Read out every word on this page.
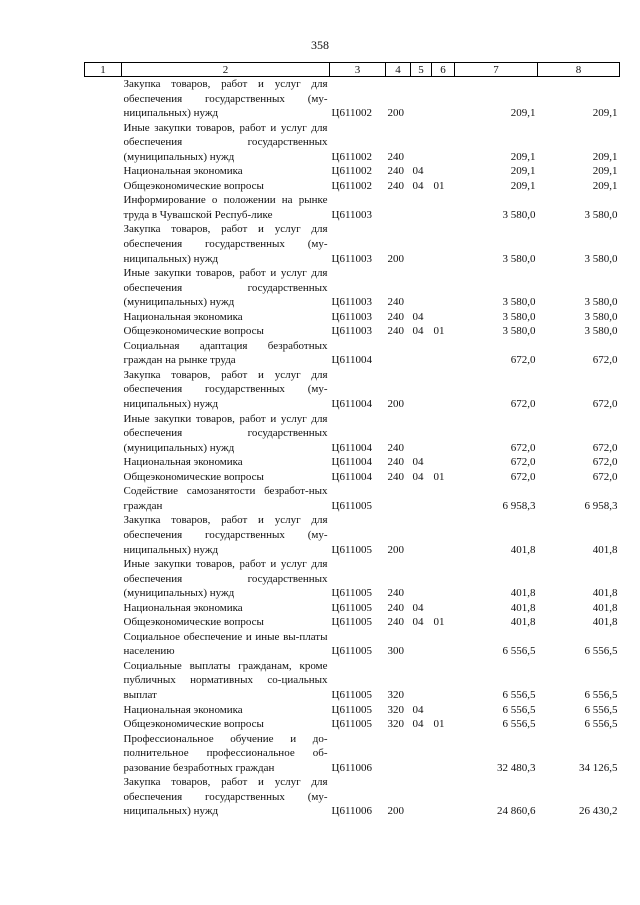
358
1	2	3	4	5	6	7	8
	Закупка товаров, работ и услуг для обеспечения государственных (му-ниципальных) нужд	Ц611002	200			209,1	209,1
	Иные закупки товаров, работ и услуг для обеспечения государственных (муниципальных) нужд	Ц611002	240			209,1	209,1
	Национальная экономика	Ц611002	240	04		209,1	209,1
	Общеэкономические вопросы	Ц611002	240	04	01	209,1	209,1
	Информирование о положении на рынке труда в Чувашской Респуб-лике	Ц611003				3 580,0	3 580,0
	Закупка товаров, работ и услуг для обеспечения государственных (му-ниципальных) нужд	Ц611003	200			3 580,0	3 580,0
	Иные закупки товаров, работ и услуг для обеспечения государственных (муниципальных) нужд	Ц611003	240			3 580,0	3 580,0
	Национальная экономика	Ц611003	240	04		3 580,0	3 580,0
	Общеэкономические вопросы	Ц611003	240	04	01	3 580,0	3 580,0
	Социальная адаптация безработных граждан на рынке труда	Ц611004				672,0	672,0
	Закупка товаров, работ и услуг для обеспечения государственных (му-ниципальных) нужд	Ц611004	200			672,0	672,0
	Иные закупки товаров, работ и услуг для обеспечения государственных (муниципальных) нужд	Ц611004	240			672,0	672,0
	Национальная экономика	Ц611004	240	04		672,0	672,0
	Общеэкономические вопросы	Ц611004	240	04	01	672,0	672,0
	Содействие самозанятости безработ-ных граждан	Ц611005				6 958,3	6 958,3
	Закупка товаров, работ и услуг для обеспечения государственных (му-ниципальных) нужд	Ц611005	200			401,8	401,8
	Иные закупки товаров, работ и услуг для обеспечения государственных (муниципальных) нужд	Ц611005	240			401,8	401,8
	Национальная экономика	Ц611005	240	04		401,8	401,8
	Общеэкономические вопросы	Ц611005	240	04	01	401,8	401,8
	Социальное обеспечение и иные вы-платы населению	Ц611005	300			6 556,5	6 556,5
	Социальные выплаты гражданам, кроме публичных нормативных со-циальных выплат	Ц611005	320			6 556,5	6 556,5
	Национальная экономика	Ц611005	320	04		6 556,5	6 556,5
	Общеэкономические вопросы	Ц611005	320	04	01	6 556,5	6 556,5
	Профессиональное обучение и до-полнительное профессиональное об-разование безработных граждан	Ц611006				32 480,3	34 126,5
	Закупка товаров, работ и услуг для обеспечения государственных (му-ниципальных) нужд	Ц611006	200			24 860,6	26 430,2
